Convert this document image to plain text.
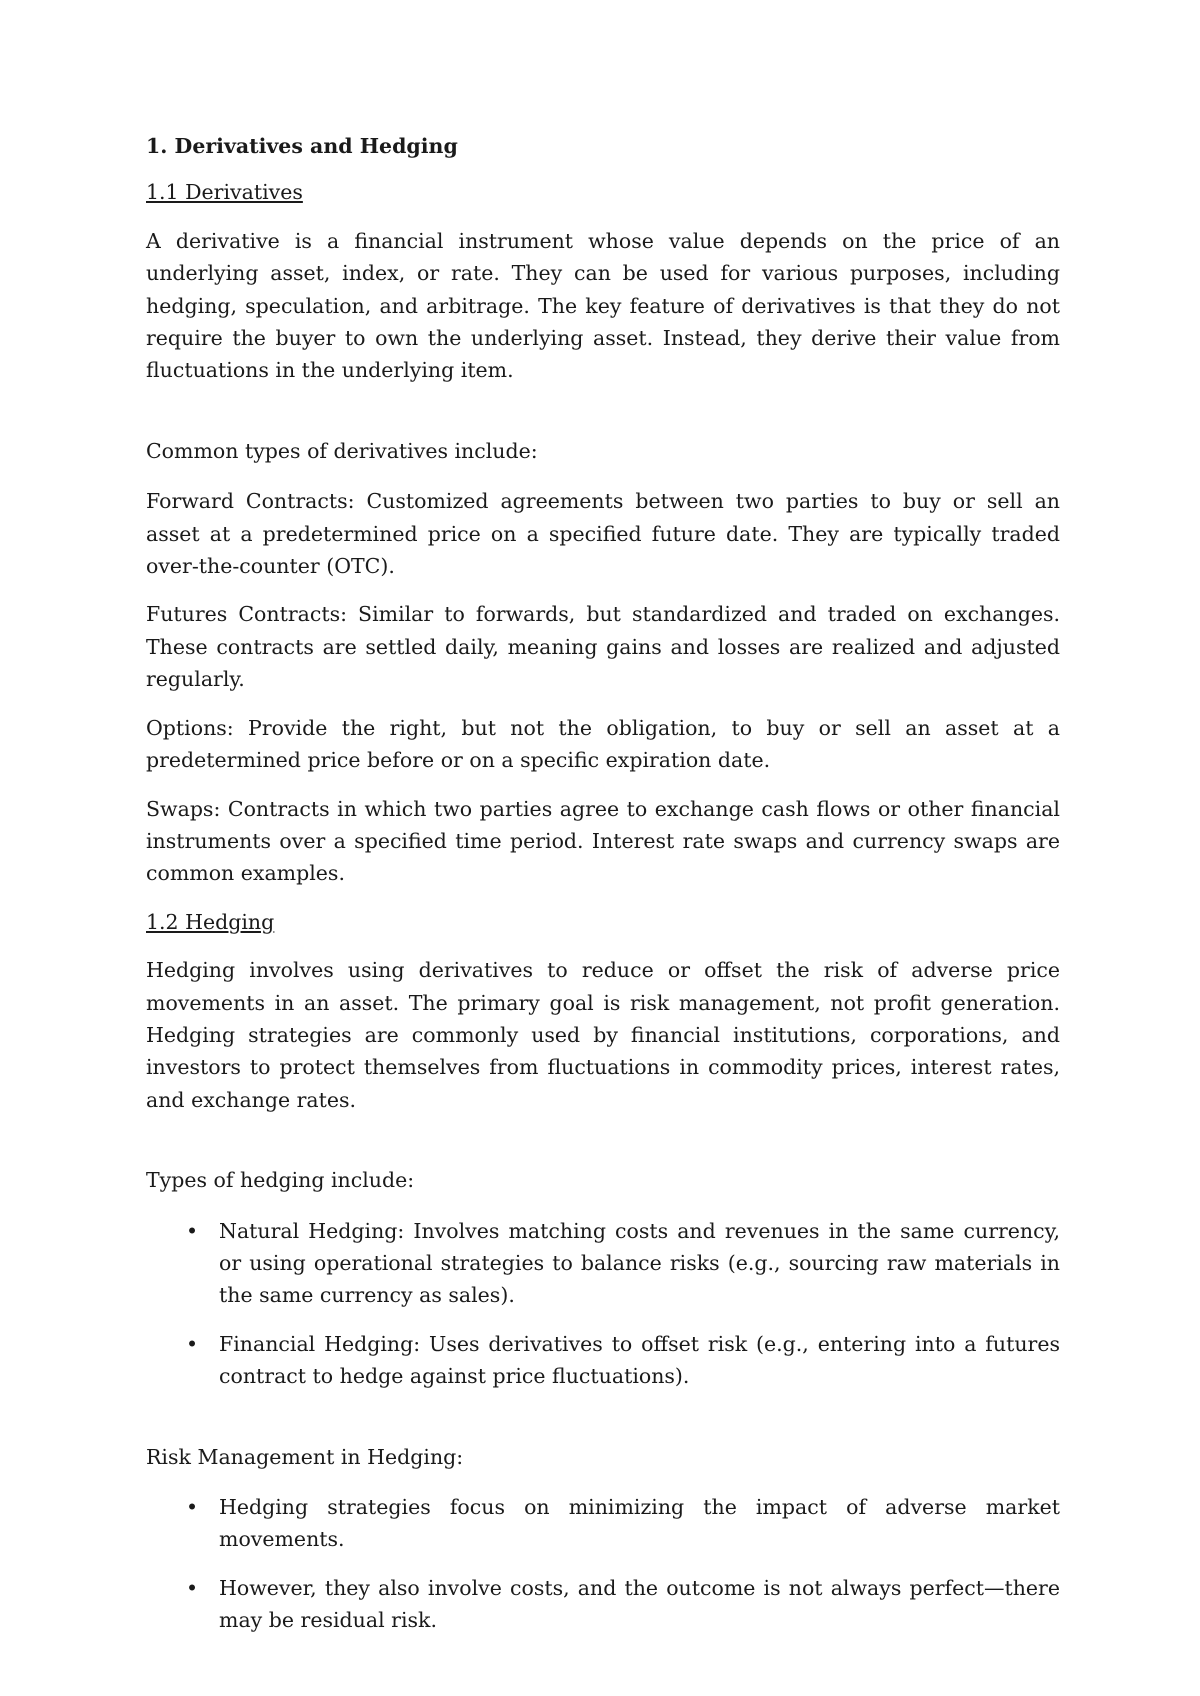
1. Derivatives and Hedging

1.1 Derivatives

A derivative is a financial instrument whose value depends on the price of an underlying asset, index, or rate. They can be used for various purposes, including hedging, speculation, and arbitrage. The key feature of derivatives is that they do not require the buyer to own the underlying asset. Instead, they derive their value from fluctuations in the underlying item.

Common types of derivatives include:

Forward Contracts: Customized agreements between two parties to buy or sell an asset at a predetermined price on a specified future date. They are typically traded over-the-counter (OTC).

Futures Contracts: Similar to forwards, but standardized and traded on exchanges. These contracts are settled daily, meaning gains and losses are realized and adjusted regularly.

Options: Provide the right, but not the obligation, to buy or sell an asset at a predetermined price before or on a specific expiration date.

Swaps: Contracts in which two parties agree to exchange cash flows or other financial instruments over a specified time period. Interest rate swaps and currency swaps are common examples.

1.2 Hedging

Hedging involves using derivatives to reduce or offset the risk of adverse price movements in an asset. The primary goal is risk management, not profit generation. Hedging strategies are commonly used by financial institutions, corporations, and investors to protect themselves from fluctuations in commodity prices, interest rates, and exchange rates.

Types of hedging include:

• Natural Hedging: Involves matching costs and revenues in the same currency, or using operational strategies to balance risks (e.g., sourcing raw materials in the same currency as sales).
• Financial Hedging: Uses derivatives to offset risk (e.g., entering into a futures contract to hedge against price fluctuations).

Risk Management in Hedging:

• Hedging strategies focus on minimizing the impact of adverse market movements.
• However, they also involve costs, and the outcome is not always perfect—there may be residual risk.
